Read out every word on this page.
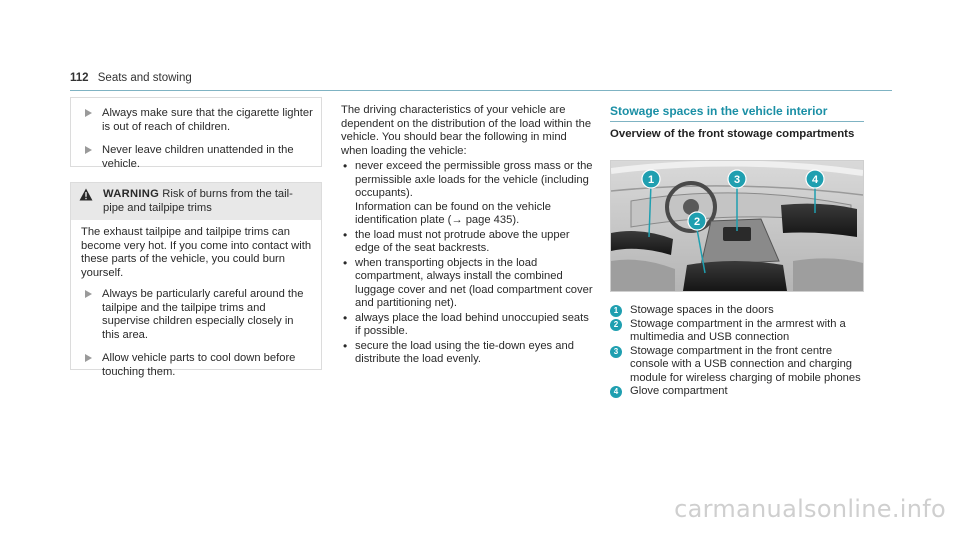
112 Seats and stowing
Always make sure that the cigarette lighter is out of reach of children.
Never leave children unattended in the vehicle.
WARNING Risk of burns from the tail-pipe and tailpipe trims
The exhaust tailpipe and tailpipe trims can become very hot. If you come into contact with these parts of the vehicle, you could burn yourself.
Always be particularly careful around the tailpipe and the tailpipe trims and supervise children especially closely in this area.
Allow vehicle parts to cool down before touching them.
The driving characteristics of your vehicle are dependent on the distribution of the load within the vehicle. You should bear the following in mind when loading the vehicle:
• never exceed the permissible gross mass or the permissible axle loads for the vehicle (including occupants).
Information can be found on the vehicle identification plate (→ page 435).
• the load must not protrude above the upper edge of the seat backrests.
• when transporting objects in the load compartment, always install the combined luggage cover and net (load compartment cover and partitioning net).
• always place the load behind unoccupied seats if possible.
• secure the load using the tie-down eyes and distribute the load evenly.
Stowage spaces in the vehicle interior
Overview of the front stowage compartments
1
2
3	4
1	Stowage spaces in the doors
2	Stowage compartment in the armrest with a multimedia and USB connection
3	Stowage compartment in the front centre console with a USB connection and charging module for wireless charging of mobile phones
4	Glove compartment
carmanualsonline.info
